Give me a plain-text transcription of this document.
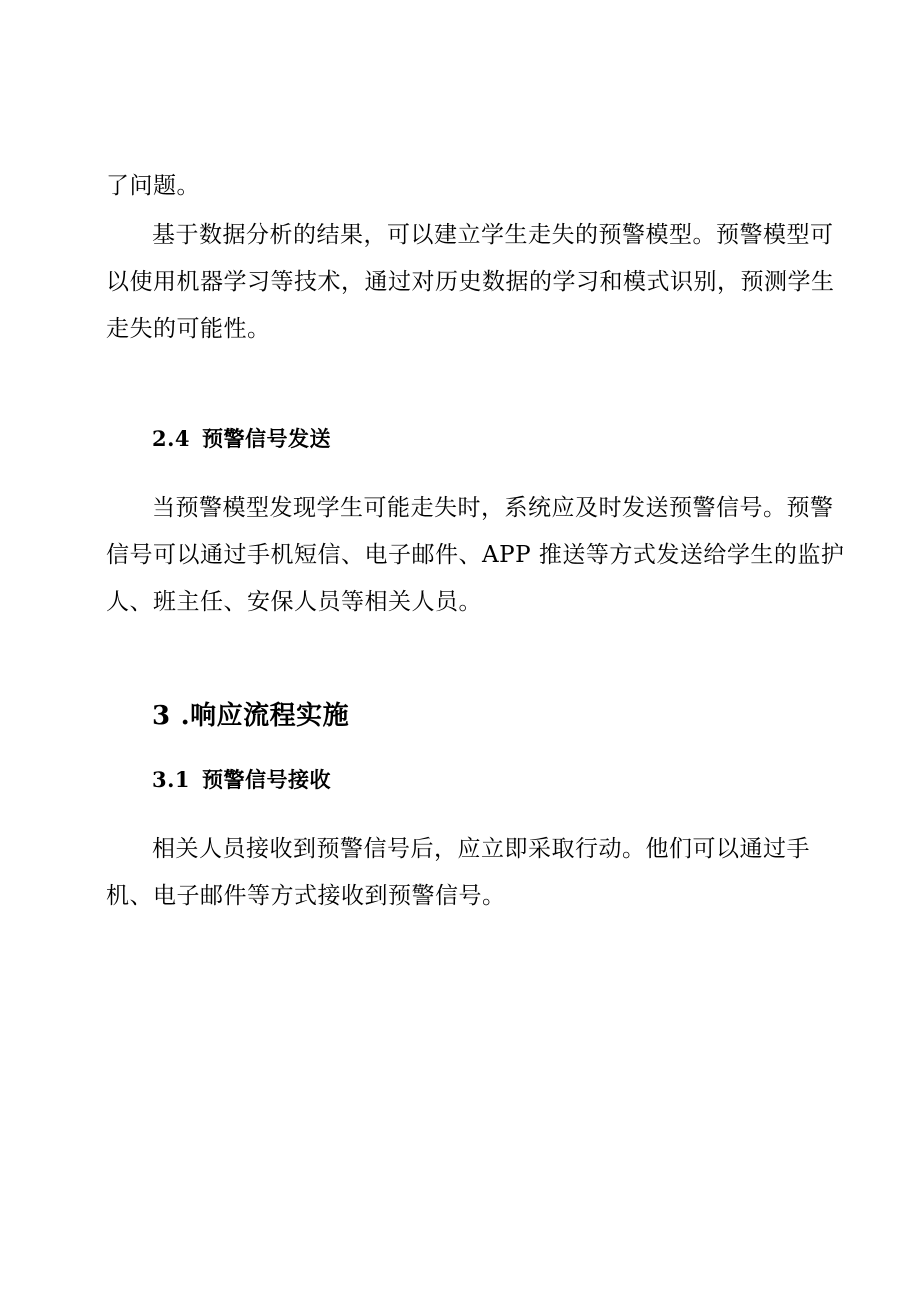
了问题。

基于数据分析的结果，可以建立学生走失的预警模型。预警模型可
以使用机器学习等技术，通过对历史数据的学习和模式识别，预测学生
走失的可能性。

2.4 预警信号发送

当预警模型发现学生可能走失时，系统应及时发送预警信号。预警
信号可以通过手机短信、电子邮件、APP 推送等方式发送给学生的监护
人、班主任、安保人员等相关人员。

3 .响应流程实施
3.1 预警信号接收

相关人员接收到预警信号后，应立即采取行动。他们可以通过手
机、电子邮件等方式接收到预警信号。
